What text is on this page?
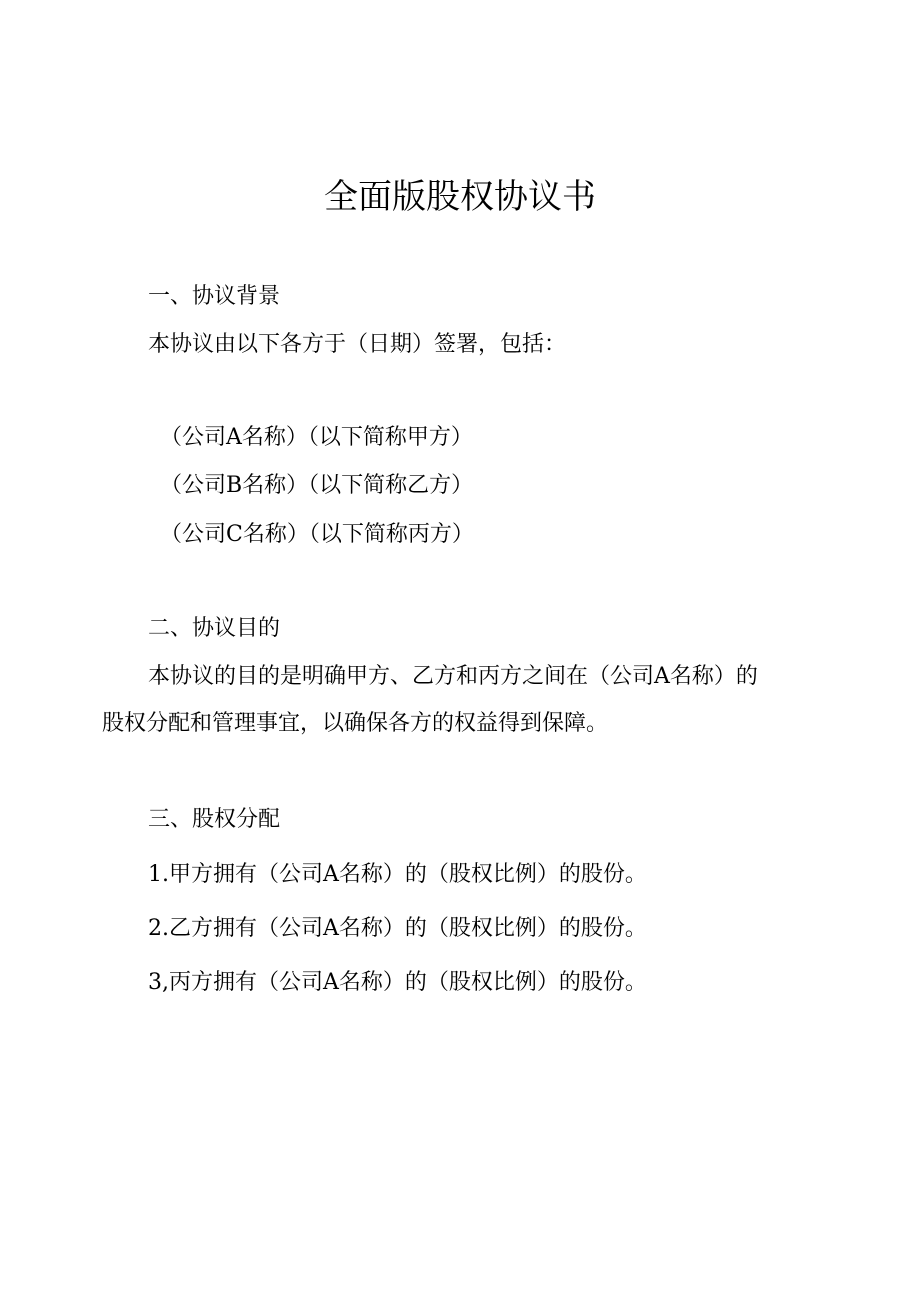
全面版股权协议书
一、协议背景
本协议由以下各方于（日期）签署，包括：
（公司A名称）（以下简称甲方）
（公司B名称）（以下简称乙方）
（公司C名称）（以下简称丙方）
二、协议目的
本协议的目的是明确甲方、乙方和丙方之间在（公司A名称）的
股权分配和管理事宜，以确保各方的权益得到保障。
三、股权分配
1.甲方拥有（公司A名称）的（股权比例）的股份。
2.乙方拥有（公司A名称）的（股权比例）的股份。
3,丙方拥有（公司A名称）的（股权比例）的股份。
